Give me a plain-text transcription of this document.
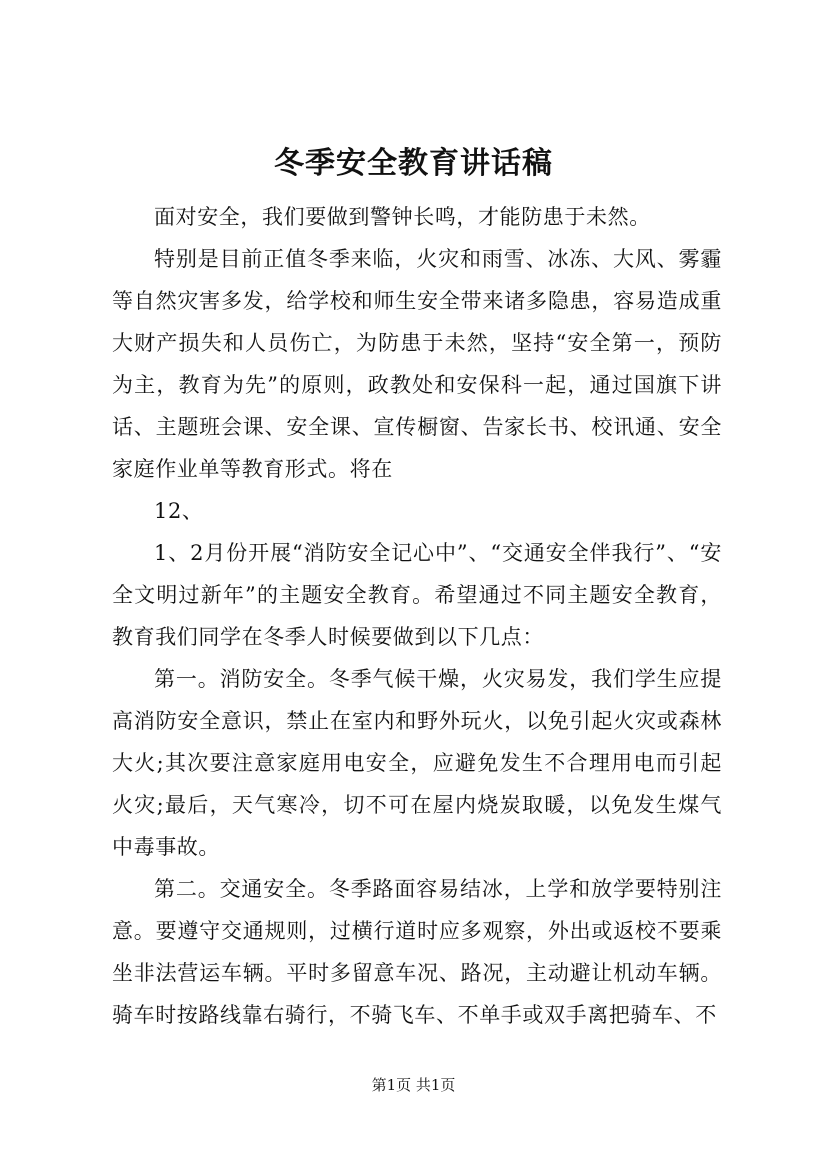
冬季安全教育讲话稿

面对安全，我们要做到警钟长鸣，才能防患于未然。

特别是目前正值冬季来临，火灾和雨雪、冰冻、大风、雾霾等自然灾害多发，给学校和师生安全带来诸多隐患，容易造成重大财产损失和人员伤亡，为防患于未然，坚持“安全第一，预防为主，教育为先”的原则，政教处和安保科一起，通过国旗下讲话、主题班会课、安全课、宣传橱窗、告家长书、校讯通、安全家庭作业单等教育形式。将在

12、

1、2月份开展“消防安全记心中”、“交通安全伴我行”、“安全文明过新年”的主题安全教育。希望通过不同主题安全教育，教育我们同学在冬季人时候要做到以下几点：

第一。消防安全。冬季气候干燥，火灾易发，我们学生应提高消防安全意识，禁止在室内和野外玩火，以免引起火灾或森林大火;其次要注意家庭用电安全，应避免发生不合理用电而引起火灾;最后，天气寒冷，切不可在屋内烧炭取暖，以免发生煤气中毒事故。

第二。交通安全。冬季路面容易结冰，上学和放学要特别注意。要遵守交通规则，过横行道时应多观察，外出或返校不要乘坐非法营运车辆。平时多留意车况、路况，主动避让机动车辆。骑车时按路线靠右骑行，不骑飞车、不单手或双手离把骑车、不

第1页 共1页
